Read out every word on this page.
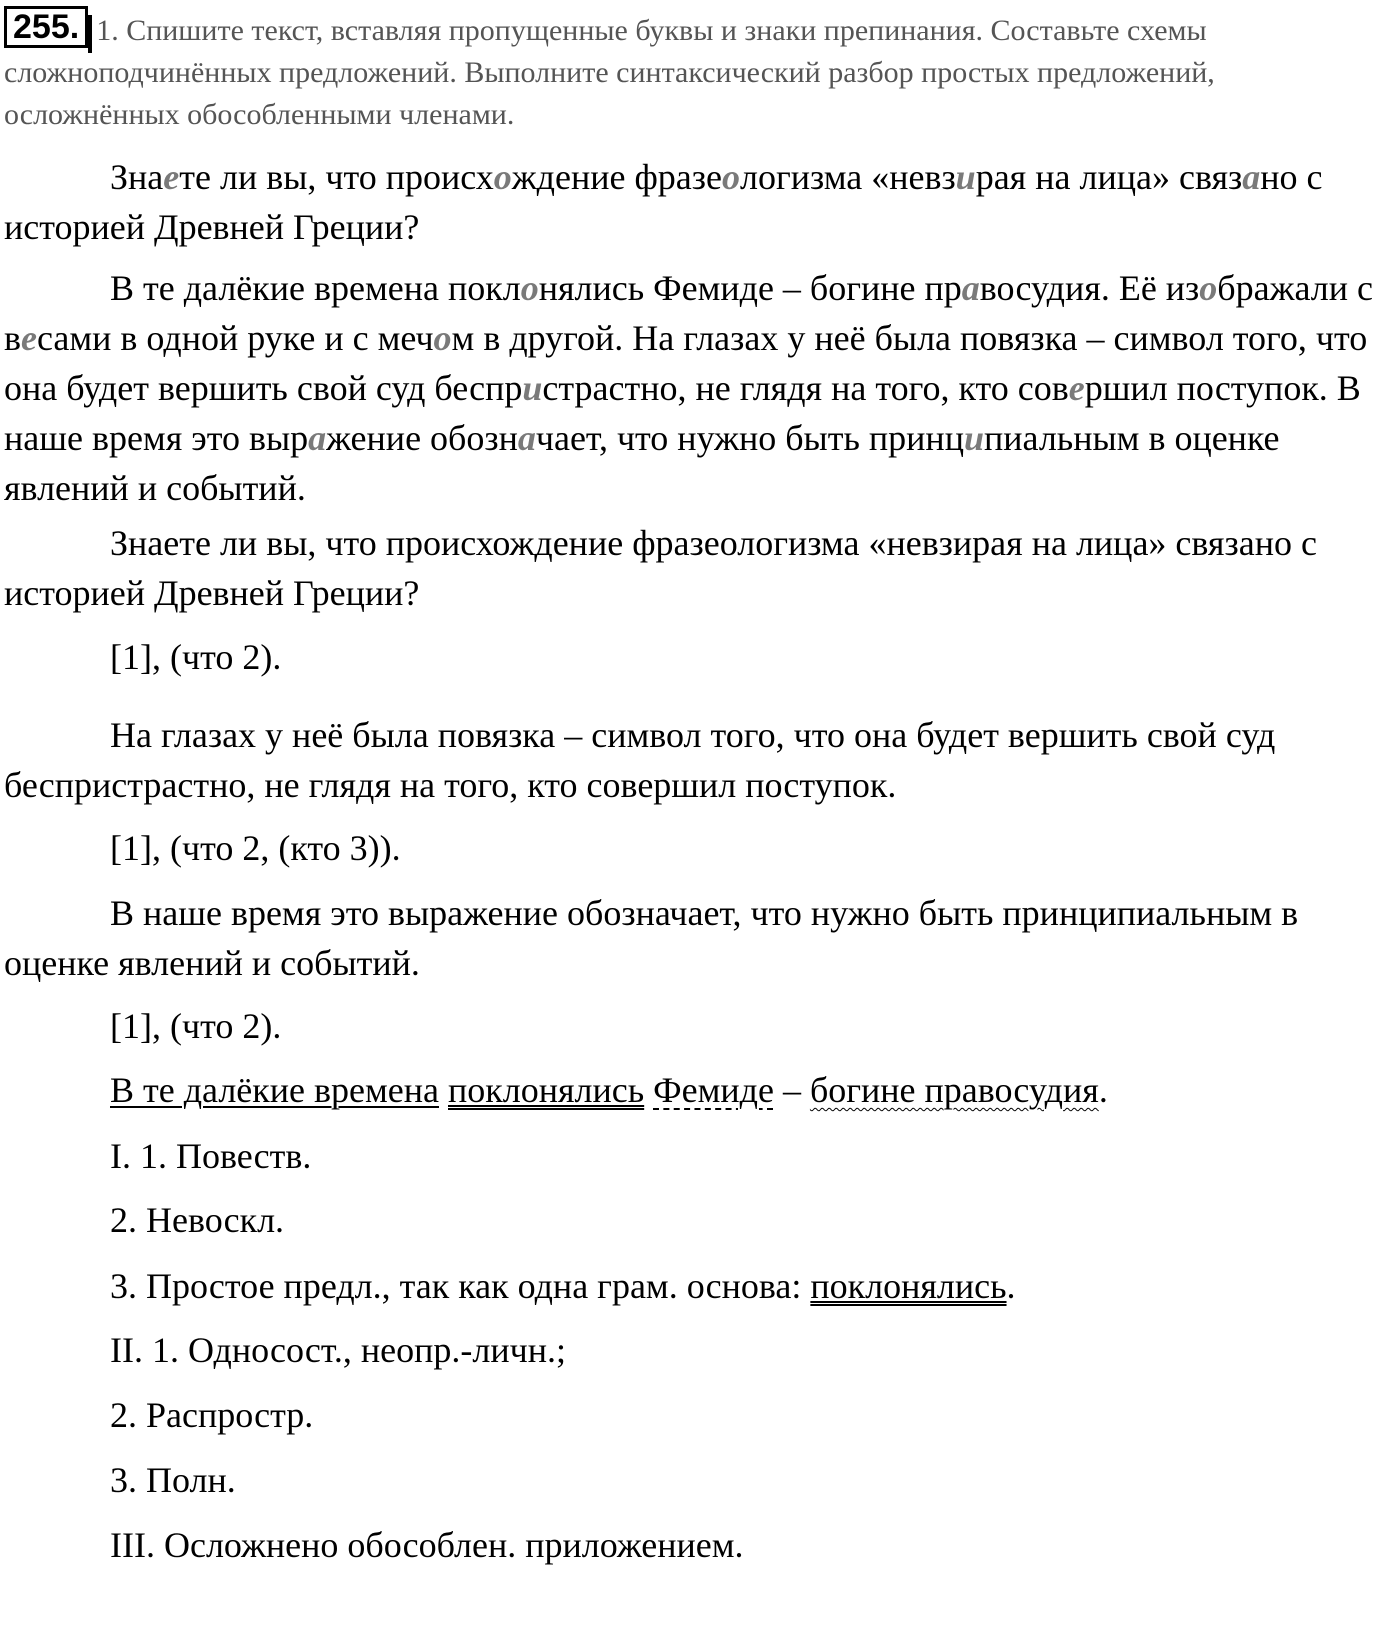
255. 1. Спишите текст, вставляя пропущенные буквы и знаки препинания. Составьте схемы сложноподчинённых предложений. Выполните синтаксический разбор простых предложений, осложнённых обособленными членами.
Знаете ли вы, что происхождение фразеологизма «невзирая на лица» связано с историей Древней Греции?
В те далёкие времена поклонялись Фемиде – богине правосудия. Её изображали с весами в одной руке и с мечом в другой. На глазах у неё была повязка – символ того, что она будет вершить свой суд беспристрастно, не глядя на того, кто совершил поступок. В наше время это выражение обозначает, что нужно быть принципиальным в оценке явлений и событий.
Знаете ли вы, что происхождение фразеологизма «невзирая на лица» связано с историей Древней Греции?
[1], (что 2).
На глазах у неё была повязка – символ того, что она будет вершить свой суд беспристрастно, не глядя на того, кто совершил поступок.
[1], (что 2, (кто 3)).
В наше время это выражение обозначает, что нужно быть принципиальным в оценке явлений и событий.
[1], (что 2).
В те далёкие времена поклонялись Фемиде – богине правосудия.
I. 1. Повеств.
2. Невоскл.
3. Простое предл., так как одна грам. основа: поклонялись.
II. 1. Односост., неопр.-личн.;
2. Распростр.
3. Полн.
III. Осложнено обособлен. приложением.
